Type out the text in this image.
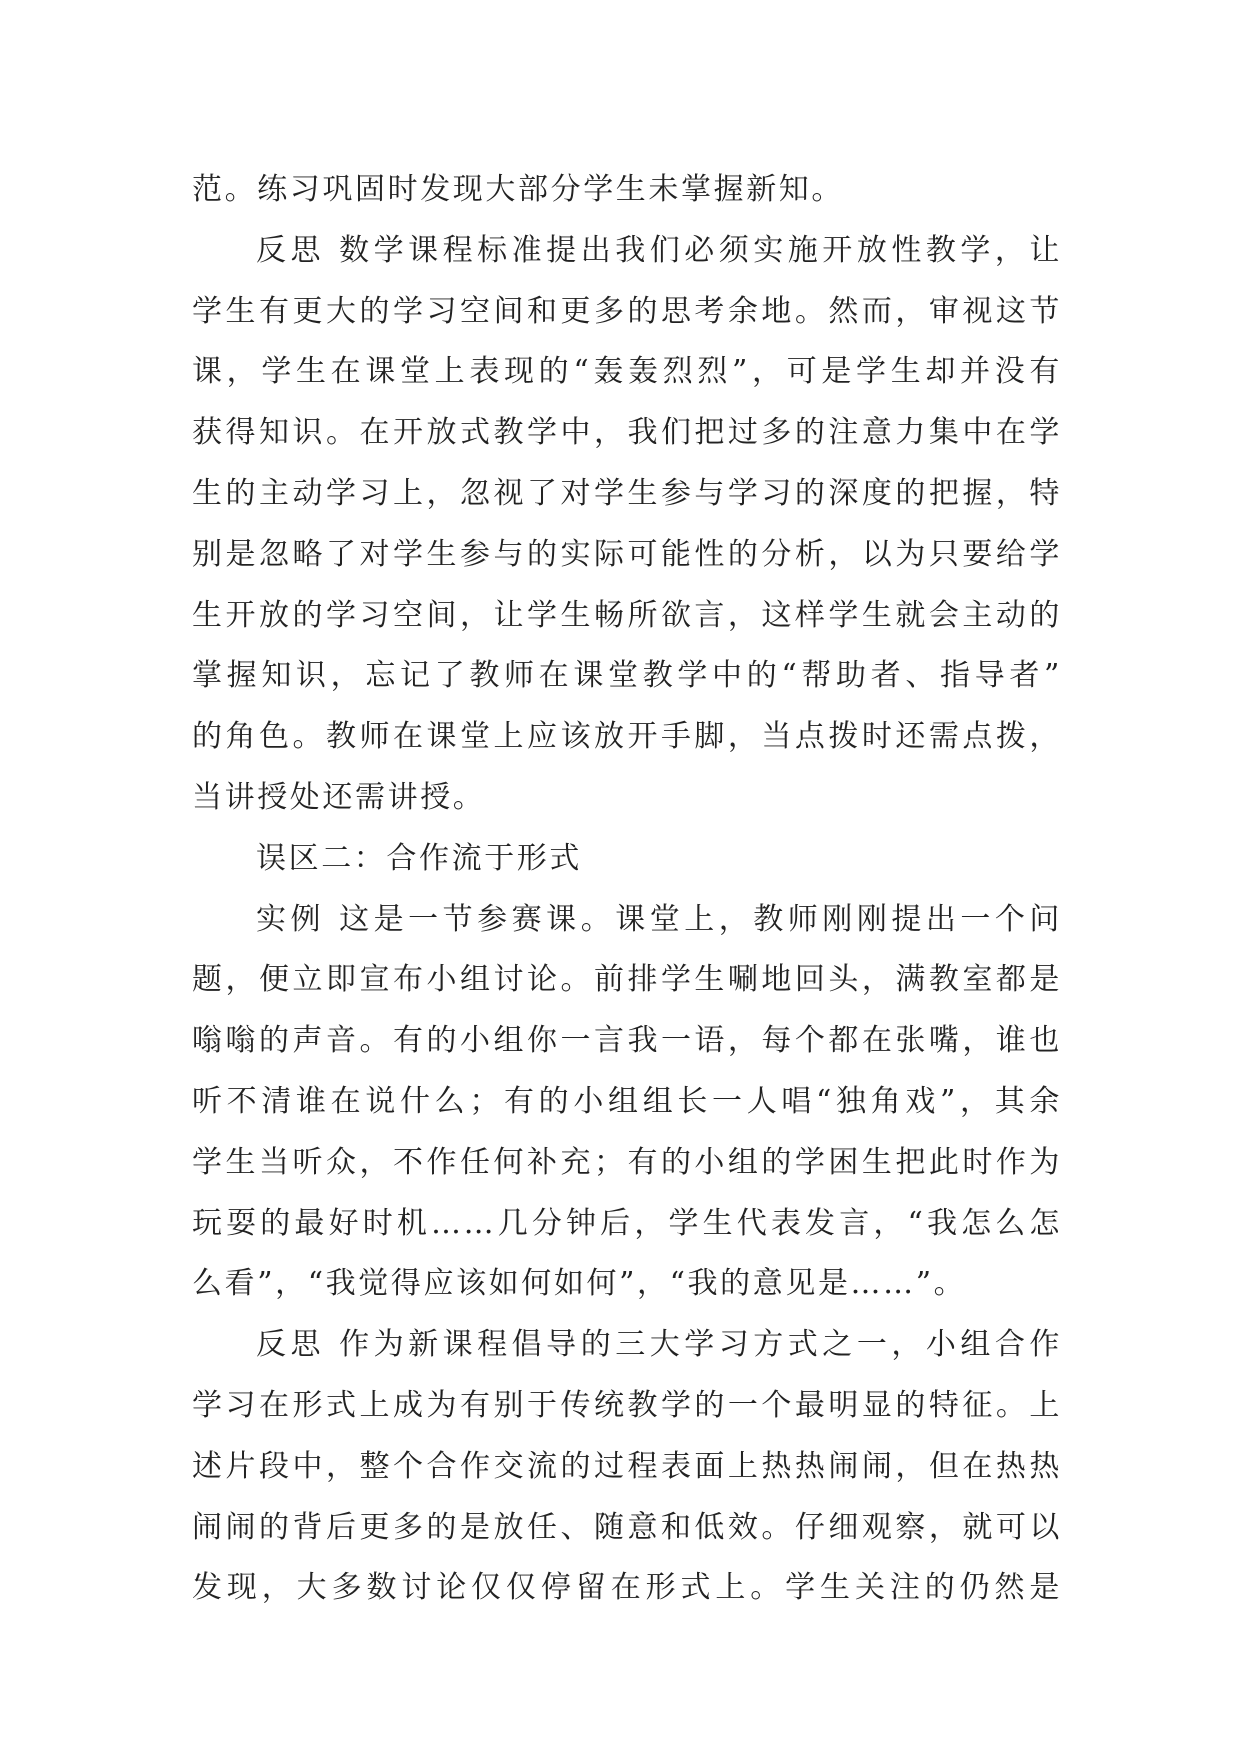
范。练习巩固时发现大部分学生未掌握新知。
反思 数学课程标准提出我们必须实施开放性教学，让
学生有更大的学习空间和更多的思考余地。然而，审视这节
课，学生在课堂上表现的“轰轰烈烈”，可是学生却并没有
获得知识。在开放式教学中，我们把过多的注意力集中在学
生的主动学习上，忽视了对学生参与学习的深度的把握，特
别是忽略了对学生参与的实际可能性的分析，以为只要给学
生开放的学习空间，让学生畅所欲言，这样学生就会主动的
掌握知识，忘记了教师在课堂教学中的“帮助者、指导者”
的角色。教师在课堂上应该放开手脚，当点拨时还需点拨，
当讲授处还需讲授。
误区二：合作流于形式
实例 这是一节参赛课。课堂上，教师刚刚提出一个问
题，便立即宣布小组讨论。前排学生唰地回头，满教室都是
嗡嗡的声音。有的小组你一言我一语，每个都在张嘴，谁也
听不清谁在说什么；有的小组组长一人唱“独角戏”，其余
学生当听众，不作任何补充；有的小组的学困生把此时作为
玩耍的最好时机……几分钟后，学生代表发言，“我怎么怎
么看”，“我觉得应该如何如何”，“我的意见是……”。
反思 作为新课程倡导的三大学习方式之一，小组合作
学习在形式上成为有别于传统教学的一个最明显的特征。上
述片段中，整个合作交流的过程表面上热热闹闹，但在热热
闹闹的背后更多的是放任、随意和低效。仔细观察，就可以
发现，大多数讨论仅仅停留在形式上。学生关注的仍然是
